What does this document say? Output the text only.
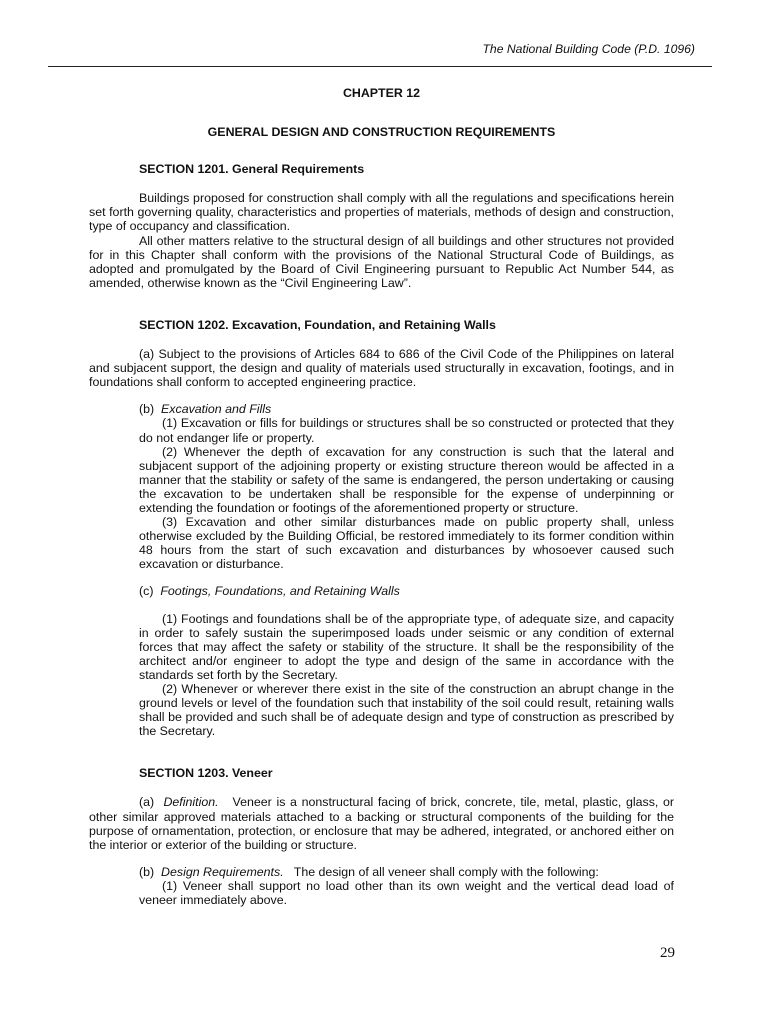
The National Building Code (P.D. 1096)
CHAPTER 12
GENERAL DESIGN AND CONSTRUCTION REQUIREMENTS
SECTION 1201. General Requirements

Buildings proposed for construction shall comply with all the regulations and specifications herein set forth governing quality, characteristics and properties of materials, methods of design and construction, type of occupancy and classification.

All other matters relative to the structural design of all buildings and other structures not provided for in this Chapter shall conform with the provisions of the National Structural Code of Buildings, as adopted and promulgated by the Board of Civil Engineering pursuant to Republic Act Number 544, as amended, otherwise known as the “Civil Engineering Law”.

SECTION 1202. Excavation, Foundation, and Retaining Walls

(a) Subject to the provisions of Articles 684 to 686 of the Civil Code of the Philippines on lateral and subjacent support, the design and quality of materials used structurally in excavation, footings, and in foundations shall conform to accepted engineering practice.

(b) Excavation and Fills

(1) Excavation or fills for buildings or structures shall be so constructed or protected that they do not endanger life or property.

(2) Whenever the depth of excavation for any construction is such that the lateral and subjacent support of the adjoining property or existing structure thereon would be affected in a manner that the stability or safety of the same is endangered, the person undertaking or causing the excavation to be undertaken shall be responsible for the expense of underpinning or extending the foundation or footings of the aforementioned property or structure.

(3) Excavation and other similar disturbances made on public property shall, unless otherwise excluded by the Building Official, be restored immediately to its former condition within 48 hours from the start of such excavation and disturbances by whosoever caused such excavation or disturbance.

(c) Footings, Foundations, and Retaining Walls

(1) Footings and foundations shall be of the appropriate type, of adequate size, and capacity in order to safely sustain the superimposed loads under seismic or any condition of external forces that may affect the safety or stability of the structure. It shall be the responsibility of the architect and/or engineer to adopt the type and design of the same in accordance with the standards set forth by the Secretary.

(2) Whenever or wherever there exist in the site of the construction an abrupt change in the ground levels or level of the foundation such that instability of the soil could result, retaining walls shall be provided and such shall be of adequate design and type of construction as prescribed by the Secretary.

SECTION 1203. Veneer

(a) Definition. Veneer is a nonstructural facing of brick, concrete, tile, metal, plastic, glass, or other similar approved materials attached to a backing or structural components of the building for the purpose of ornamentation, protection, or enclosure that may be adhered, integrated, or anchored either on the interior or exterior of the building or structure.

(b) Design Requirements. The design of all veneer shall comply with the following:

(1) Veneer shall support no load other than its own weight and the vertical dead load of veneer immediately above.

29
